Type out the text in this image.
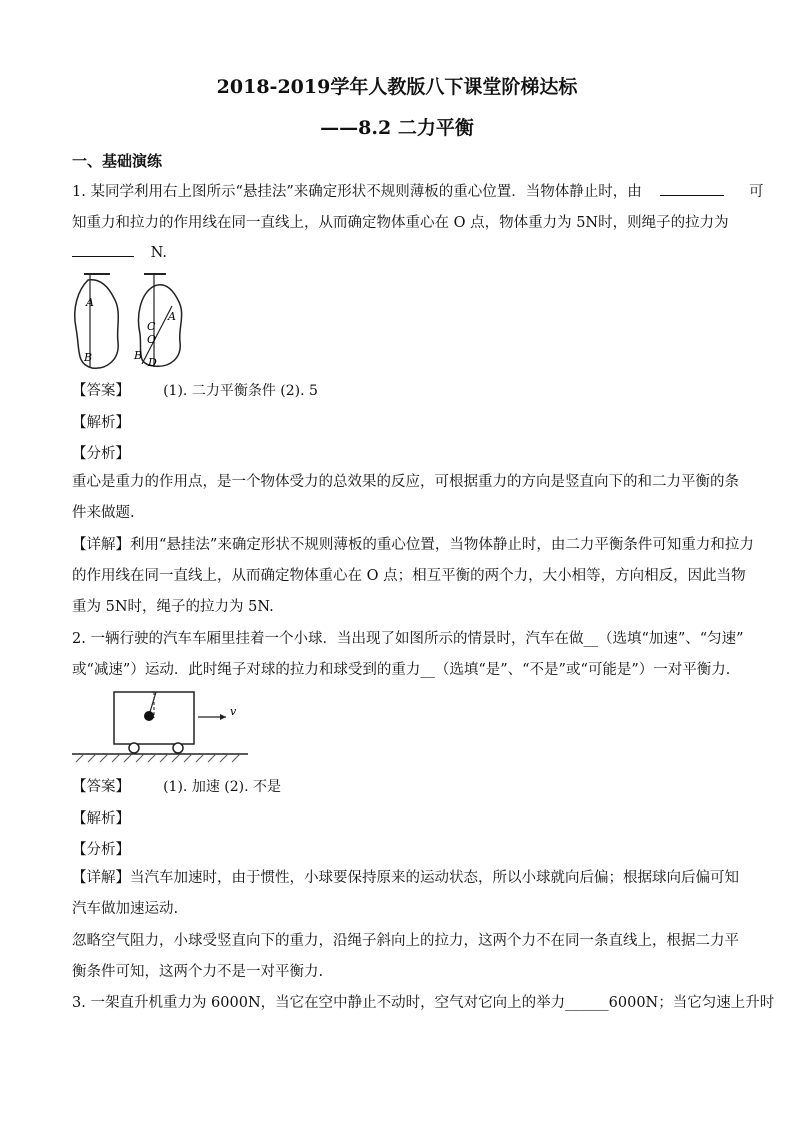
2018-2019学年人教版八下课堂阶梯达标
——8.2 二力平衡
一、基础演练
1. 某同学利用右上图所示“悬挂法”来确定形状不规则薄板的重心位置．当物体静止时，由	可
知重力和拉力的作用线在同一直线上，从而确定物体重心在 O 点，物体重力为 5N时，则绳子的拉力为
N.
A
B
C
O
A
B
D
【答案】 (1). 二力平衡条件 (2). 5
【解析】
【分析】
重心是重力的作用点，是一个物体受力的总效果的反应，可根据重力的方向是竖直向下的和二力平衡的条
件来做题.
【详解】利用“悬挂法”来确定形状不规则薄板的重心位置，当物体静止时，由二力平衡条件可知重力和拉力
的作用线在同一直线上，从而确定物体重心在 O 点；相互平衡的两个力，大小相等，方向相反，因此当物
重为 5N时，绳子的拉力为 5N.
2. 一辆行驶的汽车车厢里挂着一个小球．当出现了如图所示的情景时，汽车在做__（选填“加速”、“匀速”
或“减速”）运动．此时绳子对球的拉力和球受到的重力__（选填“是”、“不是”或“可能是”）一对平衡力．
v
【答案】 (1). 加速 (2). 不是
【解析】
【分析】
【详解】当汽车加速时，由于惯性，小球要保持原来的运动状态，所以小球就向后偏；根据球向后偏可知
汽车做加速运动.
忽略空气阻力，小球受竖直向下的重力，沿绳子斜向上的拉力，这两个力不在同一条直线上，根据二力平
衡条件可知，这两个力不是一对平衡力.
3. 一架直升机重力为 6000N，当它在空中静止不动时，空气对它向上的举力______6000N；当它匀速上升时
